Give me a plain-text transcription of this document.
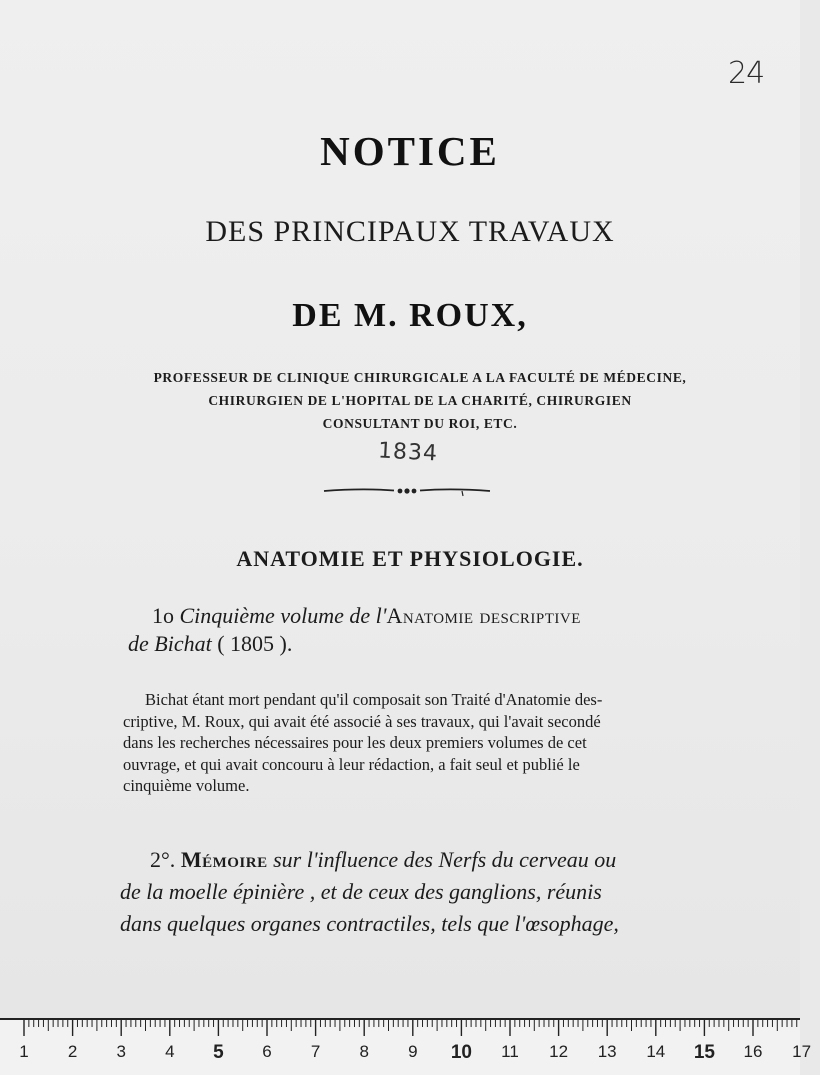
24
NOTICE
DES PRINCIPAUX TRAVAUX
DE M. ROUX,
PROFESSEUR DE CLINIQUE CHIRURGICALE A LA FACULTÉ DE MÉDECINE,
CHIRURGIEN DE L'HOPITAL DE LA CHARITÉ, CHIRURGIEN
CONSULTANT DU ROI, ETC.
1834
ANATOMIE ET PHYSIOLOGIE.
1o Cinquième volume de l'Anatomie descriptive
de Bichat ( 1805 ).
Bichat étant mort pendant qu'il composait son Traité d'Anatomie des-
criptive, M. Roux, qui avait été associé à ses travaux, qui l'avait secondé
dans les recherches nécessaires pour les deux premiers volumes de cet
ouvrage, et qui avait concouru à leur rédaction, a fait seul et publié le
cinquième volume.
2°. Mémoire sur l'influence des Nerfs du cerveau ou
de la moelle épinière , et de ceux des ganglions, réunis
dans quelques organes contractiles, tels que l'œsophage,
1 2 3 4 5 6 7 8 9 10 11 12 13 14 15 16 17
